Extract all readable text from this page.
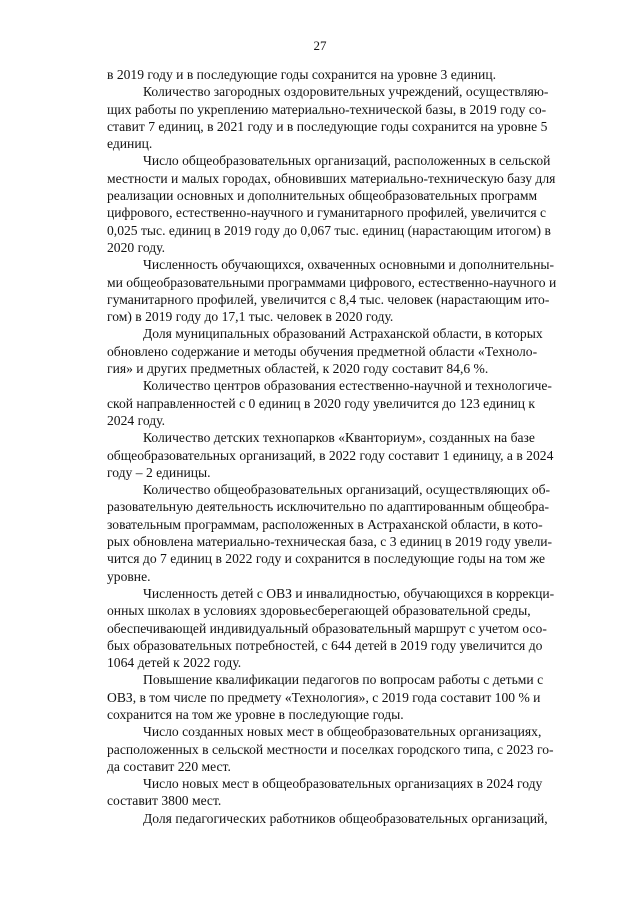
27

в 2019 году и в последующие годы сохранится на уровне 3 единиц.

Количество загородных оздоровительных учреждений, осуществляю-
щих работы по укреплению материально-технической базы, в 2019 году со-
ставит 7 единиц, в 2021 году и в последующие годы сохранится на уровне 5
единиц.

Число общеобразовательных организаций, расположенных в сельской
местности и малых городах, обновивших материально-техническую базу для
реализации основных и дополнительных общеобразовательных программ
цифрового, естественно-научного и гуманитарного профилей, увеличится с
0,025 тыс. единиц в 2019 году до 0,067 тыс. единиц (нарастающим итогом) в
2020 году.

Численность обучающихся, охваченных основными и дополнительны-
ми общеобразовательными программами цифрового, естественно-научного и
гуманитарного профилей, увеличится с 8,4 тыс. человек (нарастающим ито-
гом) в 2019 году до 17,1 тыс. человек в 2020 году.

Доля муниципальных образований Астраханской области, в которых
обновлено содержание и методы обучения предметной области «Техноло-
гия» и других предметных областей, к 2020 году составит 84,6 %.

Количество центров образования естественно-научной и технологиче-
ской направленностей с 0 единиц в 2020 году увеличится до 123 единиц к
2024 году.

Количество детских технопарков «Кванториум», созданных на базе
общеобразовательных организаций, в 2022 году составит 1 единицу, а в 2024
году – 2 единицы.

Количество общеобразовательных организаций, осуществляющих об-
разовательную деятельность исключительно по адаптированным общеобра-
зовательным программам, расположенных в Астраханской области, в кото-
рых обновлена материально-техническая база, с 3 единиц в 2019 году увели-
чится до 7 единиц в 2022 году и сохранится в последующие годы на том же
уровне.

Численность детей с ОВЗ и инвалидностью, обучающихся в коррекци-
онных школах в условиях здоровьесберегающей образовательной среды,
обеспечивающей индивидуальный образовательный маршрут с учетом осо-
бых образовательных потребностей, с 644 детей в 2019 году увеличится до
1064 детей к 2022 году.

Повышение квалификации педагогов по вопросам работы с детьми с
ОВЗ, в том числе по предмету «Технология», с 2019 года составит 100 % и
сохранится на том же уровне в последующие годы.

Число созданных новых мест в общеобразовательных организациях,
расположенных в сельской местности и поселках городского типа, с 2023 го-
да составит 220 мест.

Число новых мест в общеобразовательных организациях в 2024 году
составит 3800 мест.

Доля педагогических работников общеобразовательных организаций,
